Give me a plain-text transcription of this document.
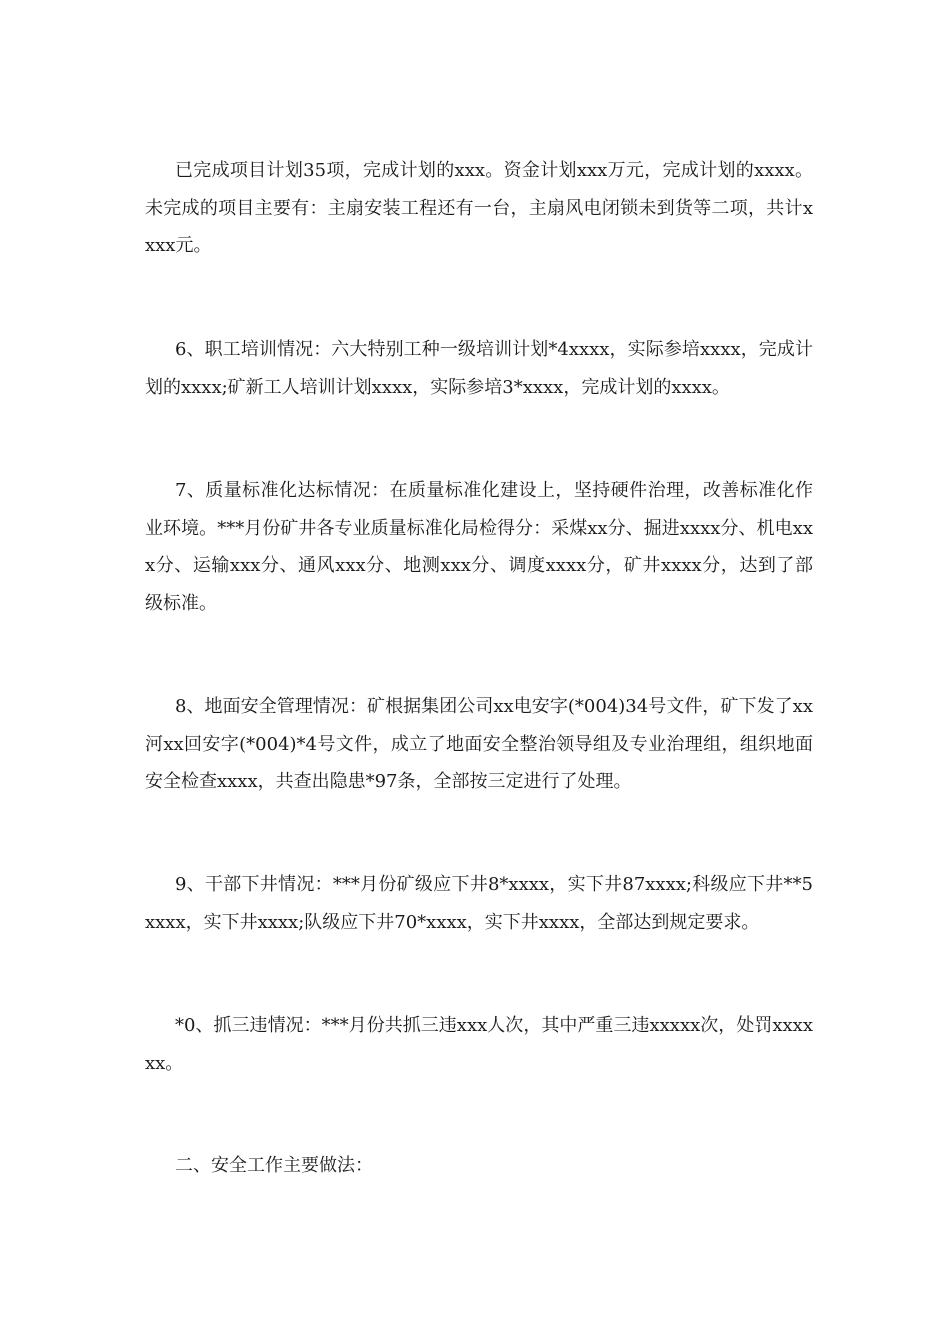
已完成项目计划35项，完成计划的xxx。资金计划xxx万元，完成计划的xxxx。未完成的项目主要有：主扇安装工程还有一台，主扇风电闭锁未到货等二项，共计xxxx元。

6、职工培训情况：六大特别工种一级培训计划*4xxxx，实际参培xxxx，完成计划的xxxx;矿新工人培训计划xxxx，实际参培3*xxxx，完成计划的xxxx。

7、质量标准化达标情况：在质量标准化建设上，坚持硬件治理，改善标准化作业环境。***月份矿井各专业质量标准化局检得分：采煤xx分、掘进xxxx分、机电xxx分、运输xxx分、通风xxx分、地测xxx分、调度xxxx分，矿井xxxx分，达到了部级标准。

8、地面安全管理情况：矿根据集团公司xx电安字(*004)34号文件，矿下发了xx河xx回安字(*004)*4号文件，成立了地面安全整治领导组及专业治理组，组织地面安全检查xxxx，共查出隐患*97条，全部按三定进行了处理。

9、干部下井情况：***月份矿级应下井8*xxxx，实下井87xxxx;科级应下井**5xxxx，实下井xxxx;队级应下井70*xxxx，实下井xxxx，全部达到规定要求。

*0、抓三违情况：***月份共抓三违xxx人次，其中严重三违xxxxx次，处罚xxxxxx。

二、安全工作主要做法：
